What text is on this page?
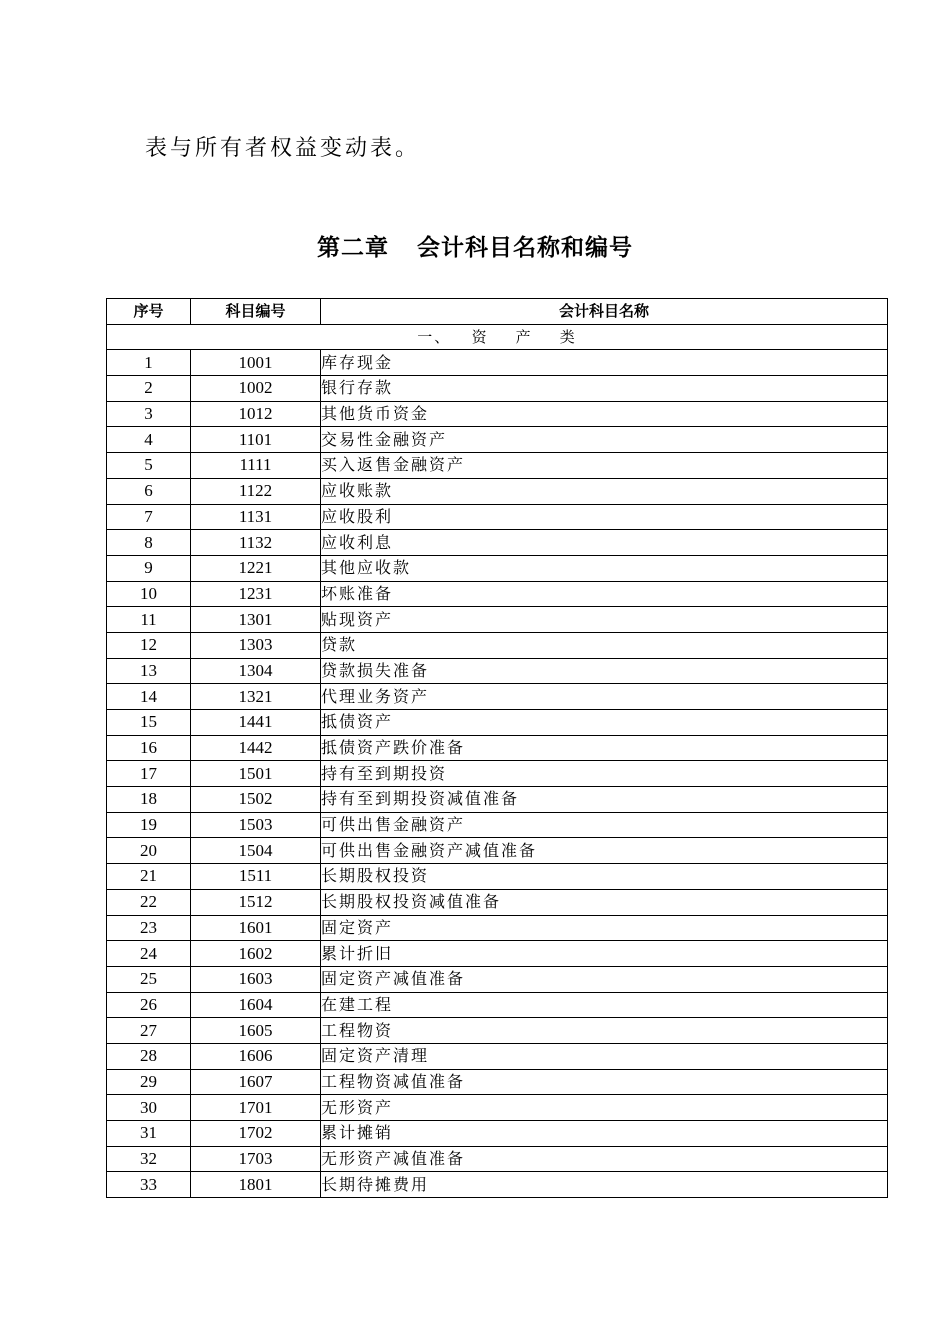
表与所有者权益变动表。

第二章 会计科目名称和编号
序号	科目编号	会计科目名称
一、   资    产    类		
1	1001	库存现金
2	1002	银行存款
3	1012	其他货币资金
4	1101	交易性金融资产
5	1111	买入返售金融资产
6	1122	应收账款
7	1131	应收股利
8	1132	应收利息
9	1221	其他应收款
10	1231	坏账准备
11	1301	贴现资产
12	1303	贷款
13	1304	贷款损失准备
14	1321	代理业务资产
15	1441	抵债资产
16	1442	抵债资产跌价准备
17	1501	持有至到期投资
18	1502	持有至到期投资减值准备
19	1503	可供出售金融资产
20	1504	可供出售金融资产减值准备
21	1511	长期股权投资
22	1512	长期股权投资减值准备
23	1601	固定资产
24	1602	累计折旧
25	1603	固定资产减值准备
26	1604	在建工程
27	1605	工程物资
28	1606	固定资产清理
29	1607	工程物资减值准备
30	1701	无形资产
31	1702	累计摊销
32	1703	无形资产减值准备
33	1801	长期待摊费用
